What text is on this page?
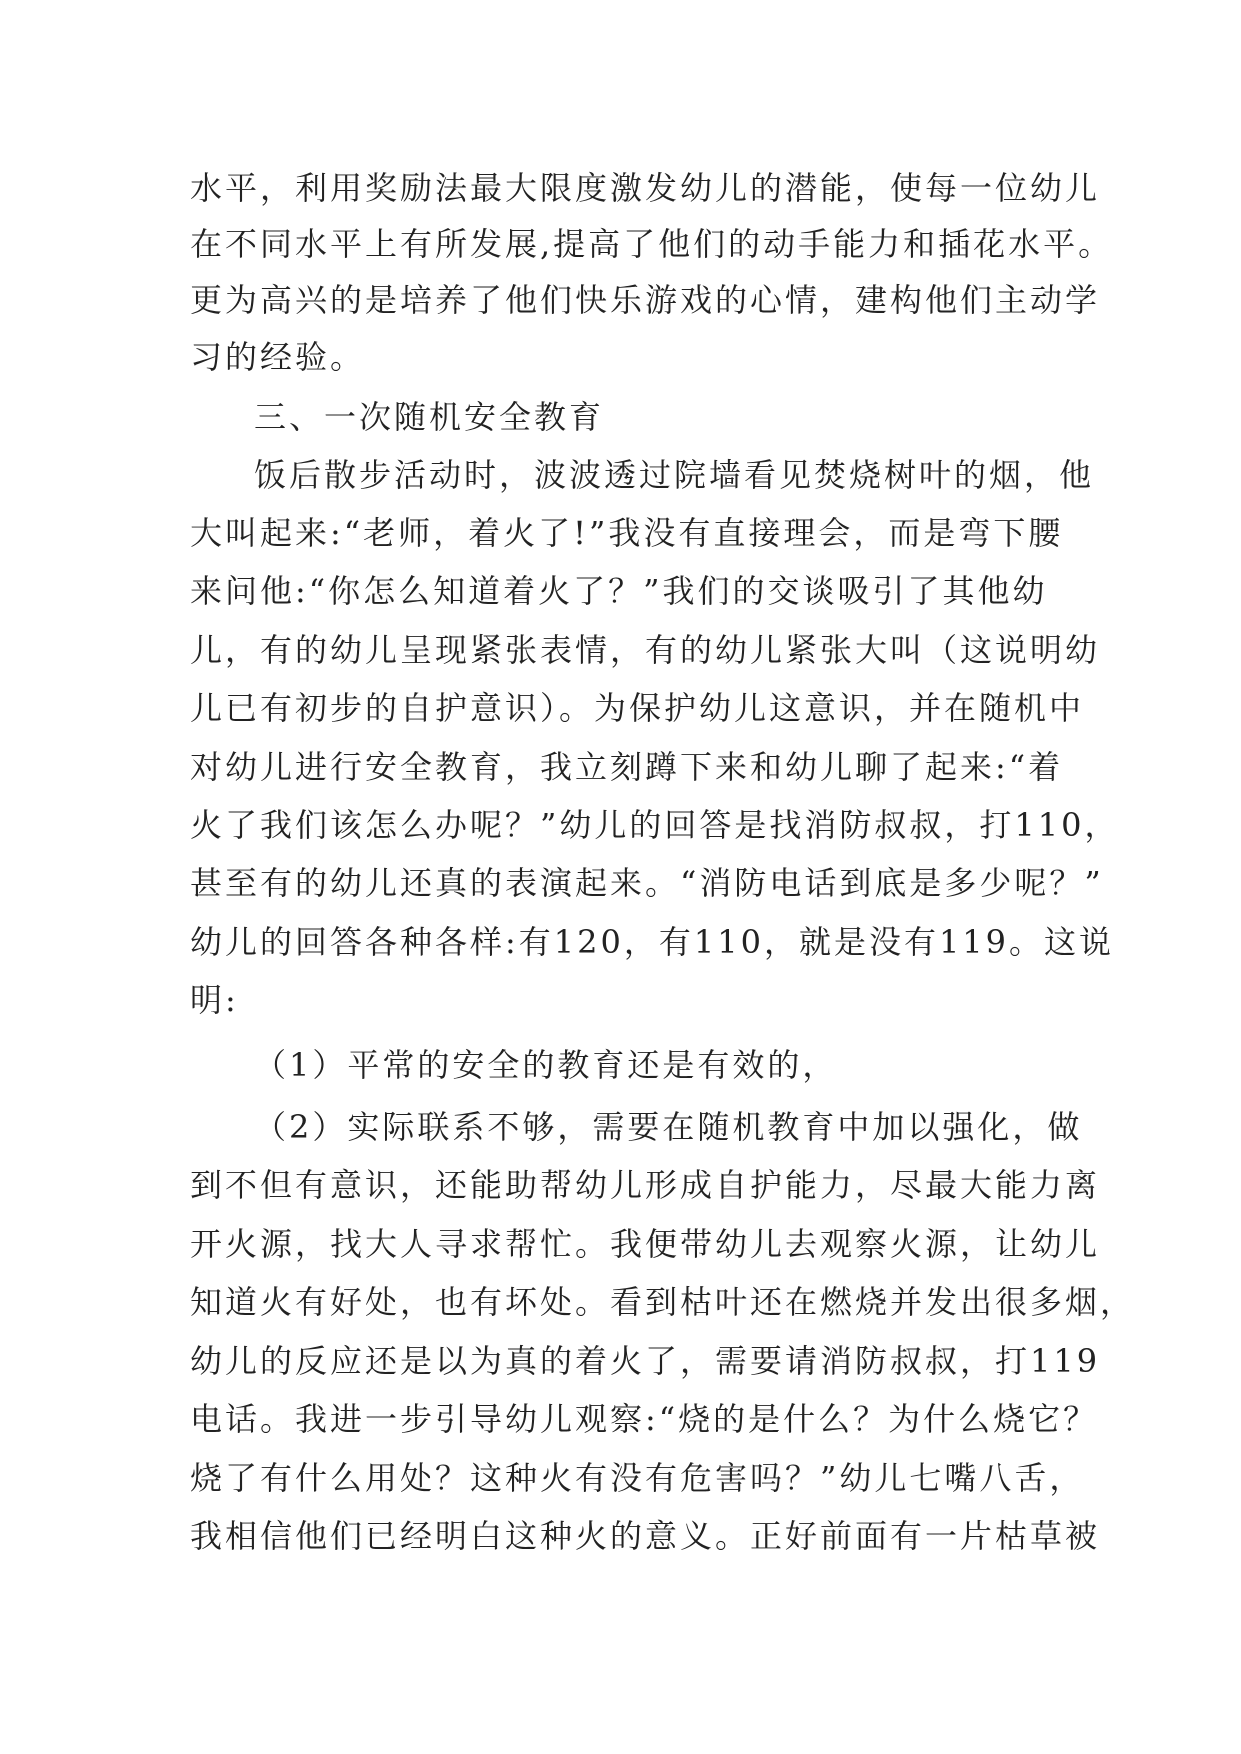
水平，利用奖励法最大限度激发幼儿的潜能，使每一位幼儿
在不同水平上有所发展,提高了他们的动手能力和插花水平。
更为高兴的是培养了他们快乐游戏的心情，建构他们主动学
习的经验。
三、一次随机安全教育
饭后散步活动时，波波透过院墙看见焚烧树叶的烟，他
大叫起来:“老师，着火了!”我没有直接理会，而是弯下腰
来问他:“你怎么知道着火了？”我们的交谈吸引了其他幼
儿，有的幼儿呈现紧张表情，有的幼儿紧张大叫（这说明幼
儿已有初步的自护意识）。为保护幼儿这意识，并在随机中
对幼儿进行安全教育，我立刻蹲下来和幼儿聊了起来:“着
火了我们该怎么办呢？”幼儿的回答是找消防叔叔，打110，
甚至有的幼儿还真的表演起来。“消防电话到底是多少呢？”
幼儿的回答各种各样:有120，有110，就是没有119。这说
明:
（1）平常的安全的教育还是有效的，
（2）实际联系不够，需要在随机教育中加以强化，做
到不但有意识，还能助帮幼儿形成自护能力，尽最大能力离
开火源，找大人寻求帮忙。我便带幼儿去观察火源，让幼儿
知道火有好处，也有坏处。看到枯叶还在燃烧并发出很多烟，
幼儿的反应还是以为真的着火了，需要请消防叔叔，打119
电话。我进一步引导幼儿观察:“烧的是什么？为什么烧它？
烧了有什么用处？这种火有没有危害吗？”幼儿七嘴八舌，
我相信他们已经明白这种火的意义。正好前面有一片枯草被
